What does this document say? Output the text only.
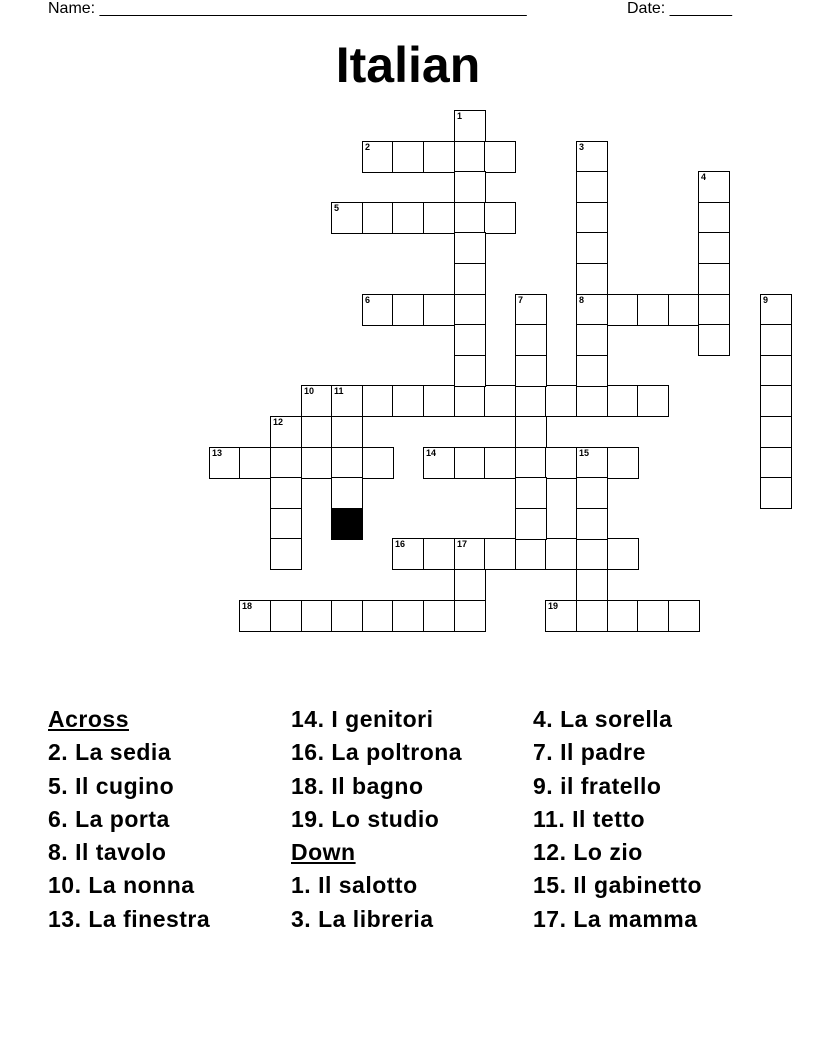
Name: ________________________________________________	Date: _______
Italian
2
5
6	8
10 11
13	14	15
16	17
18	19
1
3
4
7	9
12
Across
2. La sedia
5. Il cugino
6. La porta
8. Il tavolo
10. La nonna
13. La finestra
14. I genitori
16. La poltrona
18. Il bagno
19. Lo studio
Down
1. Il salotto
3. La libreria
4. La sorella
7. Il padre
9. il fratello
11. Il tetto
12. Lo zio
15. Il gabinetto
17. La mamma
